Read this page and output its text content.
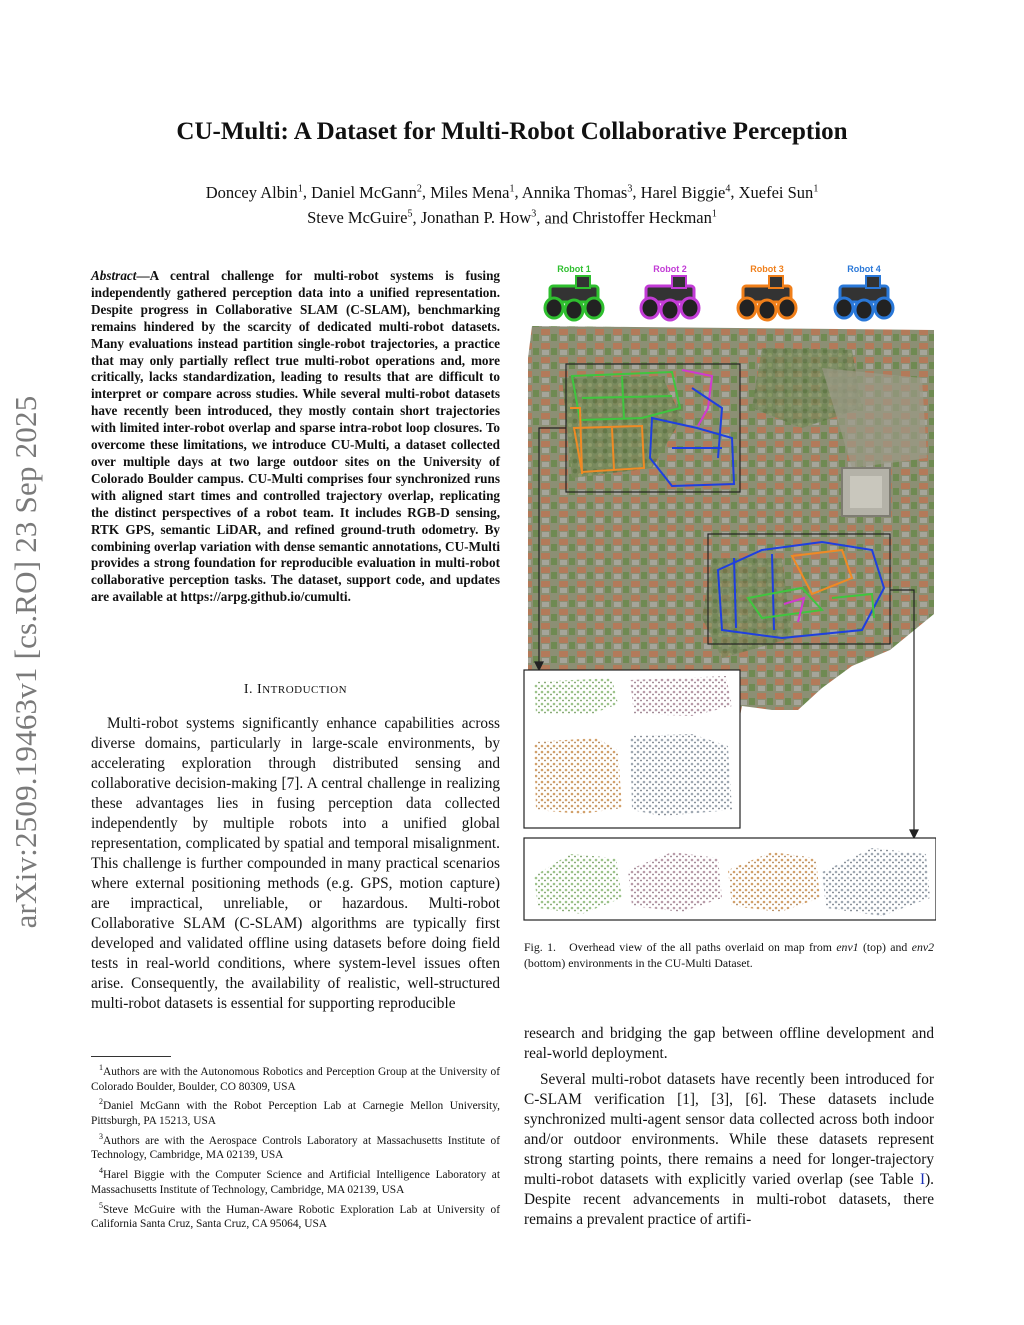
arXiv:2509.19463v1 [cs.RO] 23 Sep 2025
CU-Multi: A Dataset for Multi-Robot Collaborative Perception
Doncey Albin$^1$, Daniel McGann$^2$, Miles Mena$^1$, Annika Thomas$^3$, Harel Biggie$^4$, Xuefei Sun$^1$
Steve McGuire$^5$, Jonathan P. How$^3$, and Christoffer Heckman$^1$
Abstract—A central challenge for multi-robot systems is fusing independently gathered perception data into a unified representation. Despite progress in Collaborative SLAM (C-SLAM), benchmarking remains hindered by the scarcity of dedicated multi-robot datasets. Many evaluations instead partition single-robot trajectories, a practice that may only partially reflect true multi-robot operations and, more critically, lacks standardization, leading to results that are difficult to interpret or compare across studies. While several multi-robot datasets have recently been introduced, they mostly contain short trajectories with limited inter-robot overlap and sparse intra-robot loop closures. To overcome these limitations, we introduce CU-Multi, a dataset collected over multiple days at two large outdoor sites on the University of Colorado Boulder campus. CU-Multi comprises four synchronized runs with aligned start times and controlled trajectory overlap, replicating the distinct perspectives of a robot team. It includes RGB-D sensing, RTK GPS, semantic LiDAR, and refined ground-truth odometry. By combining overlap variation with dense semantic annotations, CU-Multi provides a strong foundation for reproducible evaluation in multi-robot collaborative perception tasks. The dataset, support code, and updates are available at https://arpg.github.io/cumulti.
I. INTRODUCTION

Multi-robot systems significantly enhance capabilities across diverse domains, particularly in large-scale environments, by accelerating exploration through distributed sensing and collaborative decision-making [7]. A central challenge in realizing these advantages lies in fusing perception data collected independently by multiple robots into a unified global representation, complicated by spatial and temporal misalignment. This challenge is further compounded in many practical scenarios where external positioning methods (e.g. GPS, motion capture) are impractical, unreliable, or hazardous. Multi-robot Collaborative SLAM (C-SLAM) algorithms are typically first developed and validated offline using datasets before doing field tests in real-world conditions, where system-level issues often arise. Consequently, the availability of realistic, well-structured multi-robot datasets is essential for supporting reproducible

$^1$Authors are with the Autonomous Robotics and Perception Group at the University of Colorado Boulder, Boulder, CO 80309, USA

$^2$Daniel McGann with the Robot Perception Lab at Carnegie Mellon University, Pittsburgh, PA 15213, USA

$^3$Authors are with the Aerospace Controls Laboratory at Massachusetts Institute of Technology, Cambridge, MA 02139, USA

$^4$Harel Biggie with the Computer Science and Artificial Intelligence Laboratory at Massachusetts Institute of Technology, Cambridge, MA 02139, USA

$^5$Steve McGuire with the Human-Aware Robotic Exploration Lab at University of California Santa Cruz, Santa Cruz, CA 95064, USA

Robot 1	Robot 2	Robot 3	Robot 4
Fig. 1. Overhead view of the all paths overlaid on map from env1 (top) and env2 (bottom) environments in the CU-Multi Dataset.

research and bridging the gap between offline development and real-world deployment.

Several multi-robot datasets have recently been introduced for C-SLAM verification [1], [3], [6]. These datasets include synchronized multi-agent sensor data collected across both indoor and/or outdoor environments. While these datasets represent strong starting points, there remains a need for longer-trajectory multi-robot datasets with explicitly varied overlap (see Table I). Despite recent advancements in multi-robot datasets, there remains a prevalent practice of artifi-
